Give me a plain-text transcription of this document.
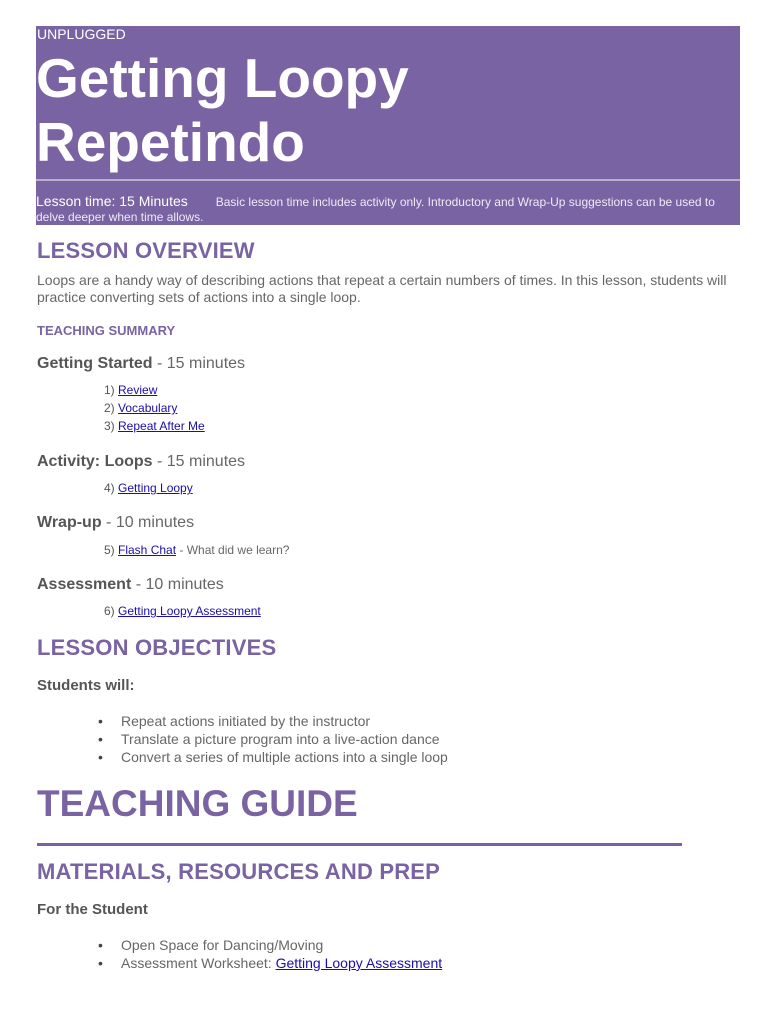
UNPLUGGED
Getting Loopy
Repetindo
Lesson time: 15 Minutes Basic lesson time includes activity only. Introductory and Wrap-Up suggestions can be used to delve deeper when time allows.
LESSON OVERVIEW
Loops are a handy way of describing actions that repeat a certain numbers of times. In this lesson, students will practice converting sets of actions into a single loop.
TEACHING SUMMARY
Getting Started - 15 minutes
1) Review
2) Vocabulary
3) Repeat After Me
Activity: Loops - 15 minutes
4) Getting Loopy
Wrap-up - 10 minutes
5) Flash Chat - What did we learn?
Assessment - 10 minutes
6) Getting Loopy Assessment
LESSON OBJECTIVES
Students will:
• Repeat actions initiated by the instructor
• Translate a picture program into a live-action dance
• Convert a series of multiple actions into a single loop
TEACHING GUIDE
MATERIALS, RESOURCES AND PREP
For the Student
• Open Space for Dancing/Moving
• Assessment Worksheet: Getting Loopy Assessment
